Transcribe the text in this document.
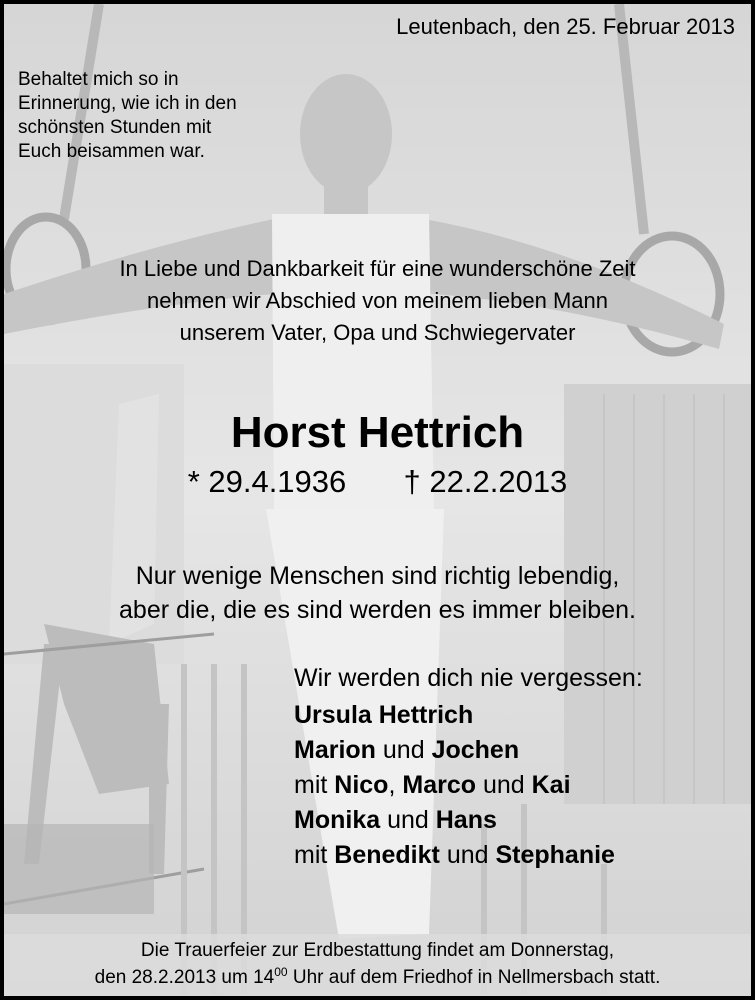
Leutenbach, den 25. Februar 2013
Behaltet mich so in
Erinnerung, wie ich in den
schönsten Stunden mit
Euch beisammen war.
In Liebe und Dankbarkeit für eine wunderschöne Zeit
nehmen wir Abschied von meinem lieben Mann
unserem Vater, Opa und Schwiegervater
Horst Hettrich
* 29.4.1936 † 22.2.2013
Nur wenige Menschen sind richtig lebendig,
aber die, die es sind werden es immer bleiben.
Wir werden dich nie vergessen:
Ursula Hettrich
Marion und Jochen
mit Nico, Marco und Kai
Monika und Hans
mit Benedikt und Stephanie
Die Trauerfeier zur Erdbestattung findet am Donnerstag,
den 28.2.2013 um $14^{00}$ Uhr auf dem Friedhof in Nellmersbach statt.
